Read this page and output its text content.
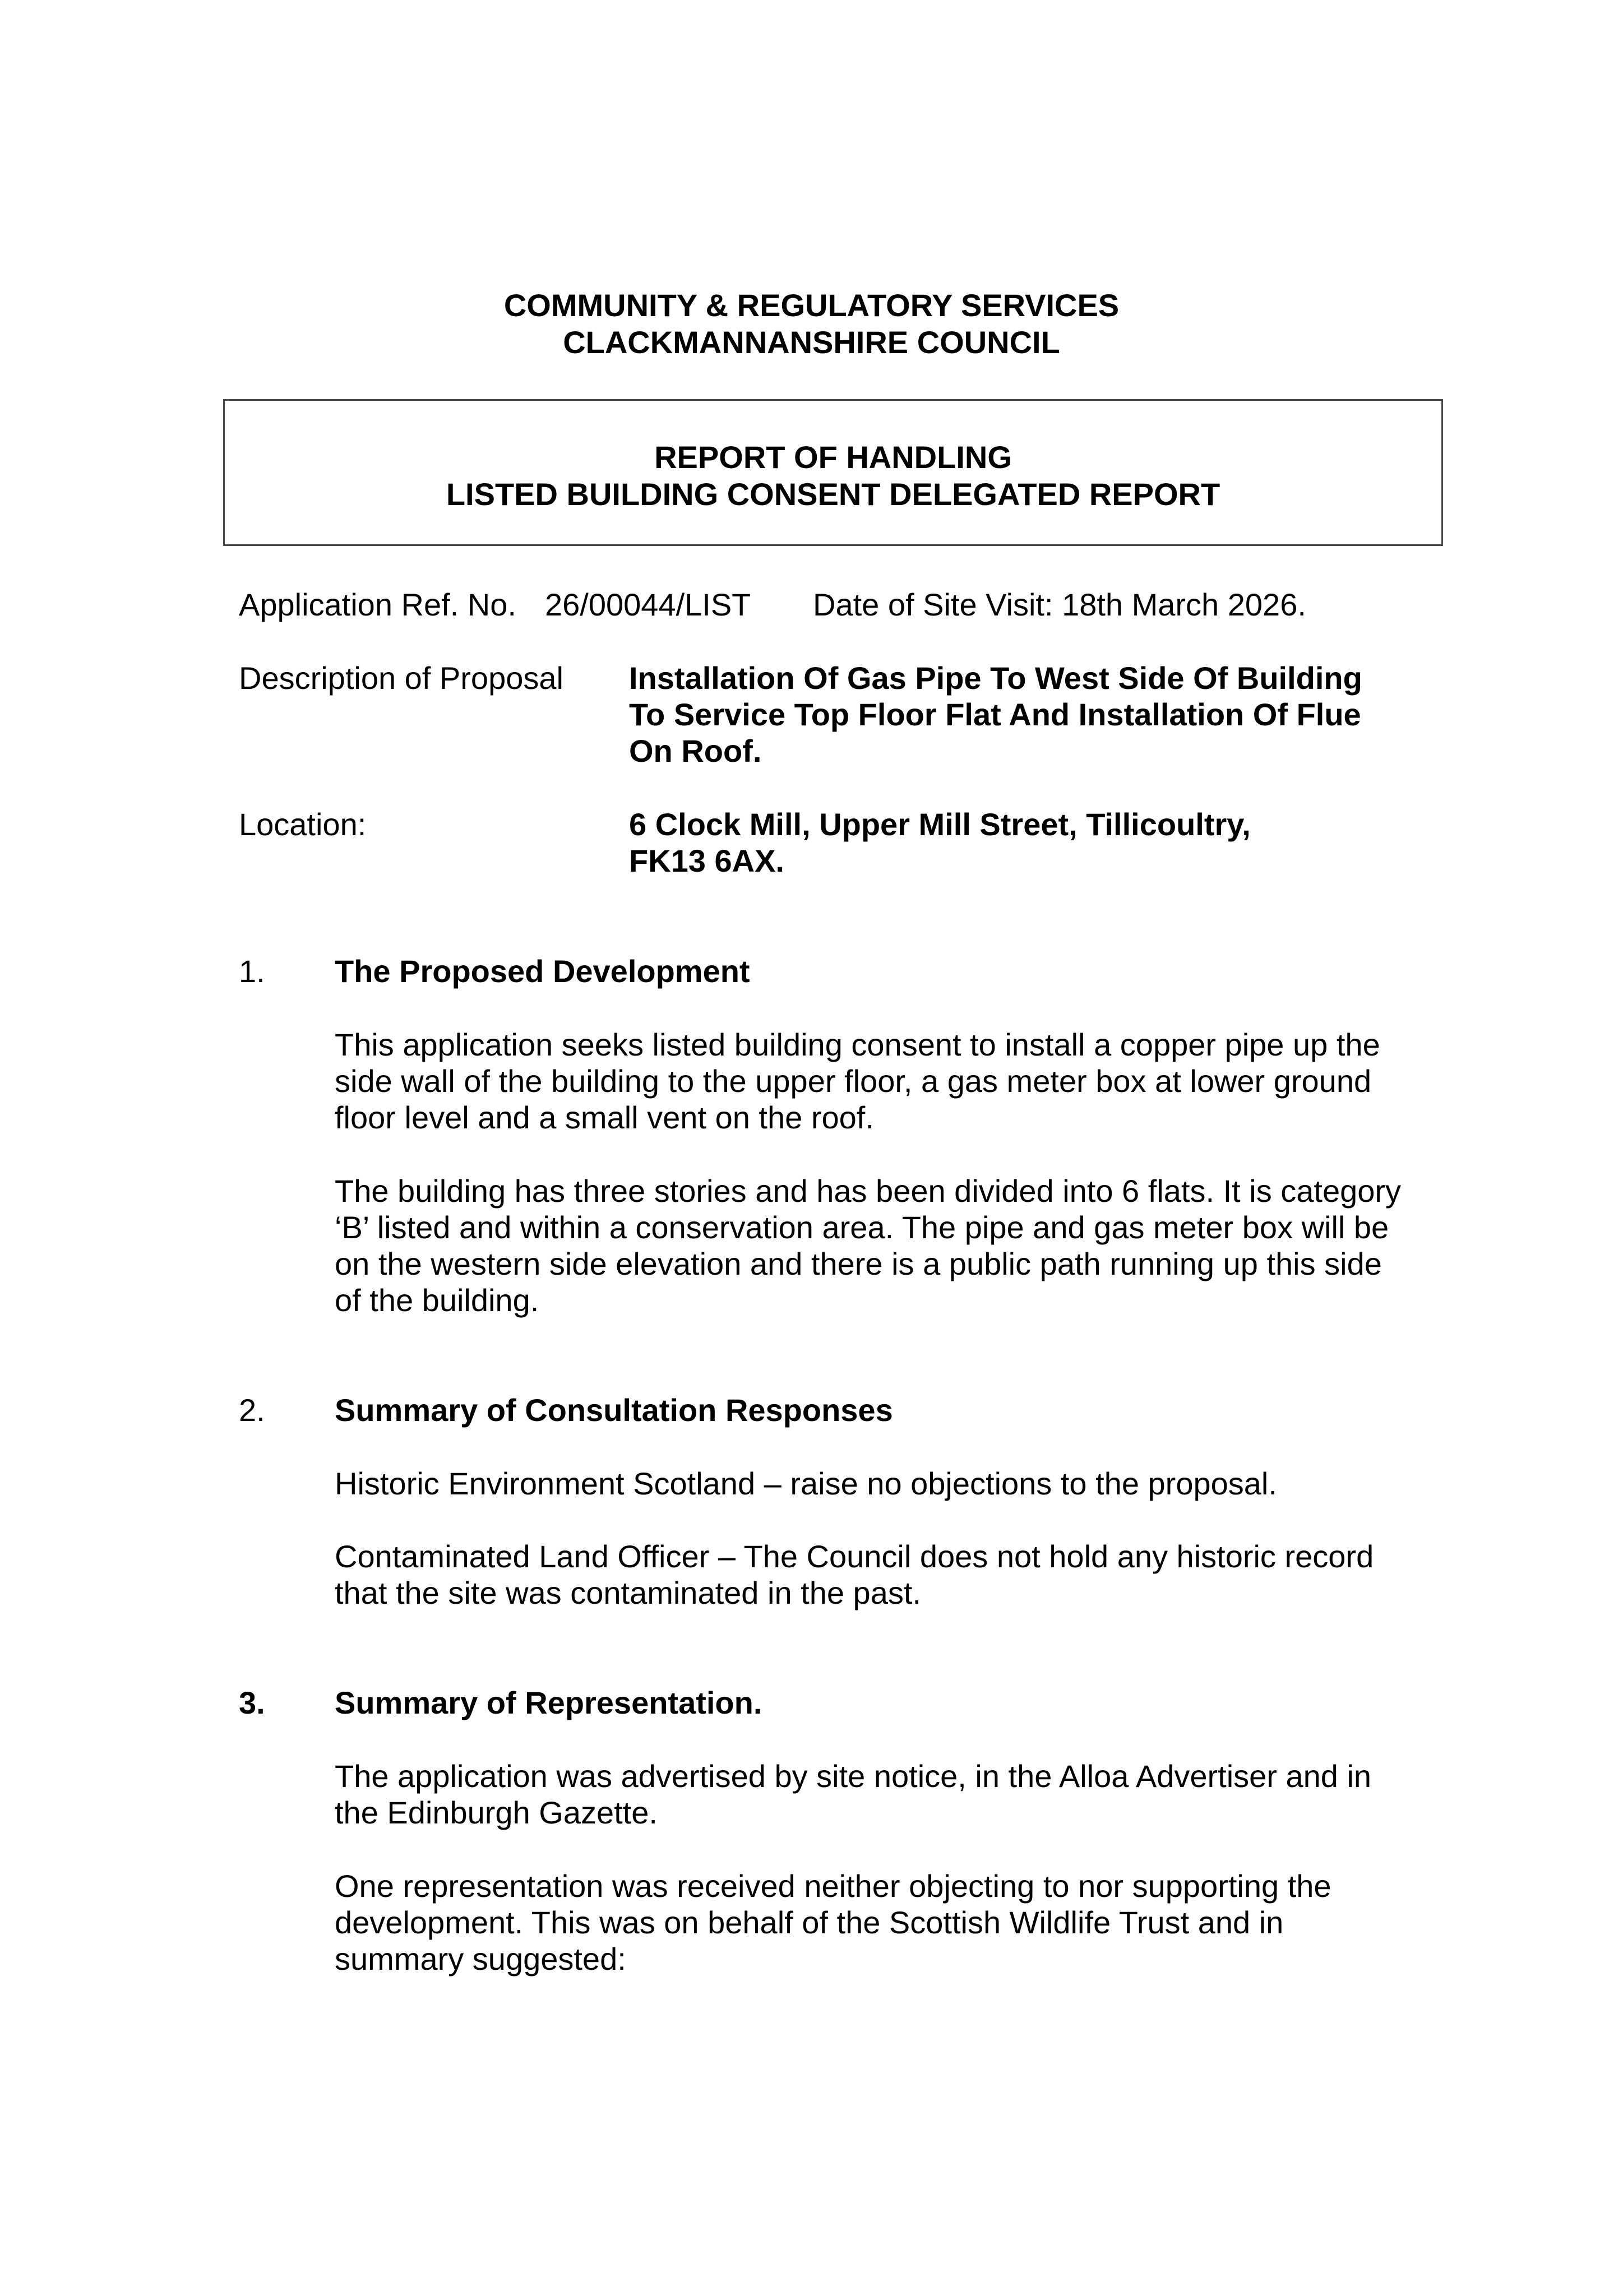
COMMUNITY & REGULATORY SERVICES
CLACKMANNANSHIRE COUNCIL
REPORT OF HANDLING
LISTED BUILDING CONSENT DELEGATED REPORT
Application Ref. No. 26/00044/LIST Date of Site Visit: 18th March 2026.
Description of Proposal Installation Of Gas Pipe To West Side Of Building
To Service Top Floor Flat And Installation Of Flue
On Roof.
Location:	6 Clock Mill, Upper Mill Street, Tillicoultry,
FK13 6AX.
1. The Proposed Development
This application seeks listed building consent to install a copper pipe up the
side wall of the building to the upper floor, a gas meter box at lower ground
floor level and a small vent on the roof.
The building has three stories and has been divided into 6 flats. It is category
‘B’ listed and within a conservation area. The pipe and gas meter box will be
on the western side elevation and there is a public path running up this side
of the building.
2. Summary of Consultation Responses
Historic Environment Scotland – raise no objections to the proposal.
Contaminated Land Officer – The Council does not hold any historic record
that the site was contaminated in the past.
3. Summary of Representation.
The application was advertised by site notice, in the Alloa Advertiser and in
the Edinburgh Gazette.
One representation was received neither objecting to nor supporting the
development. This was on behalf of the Scottish Wildlife Trust and in
summary suggested:
